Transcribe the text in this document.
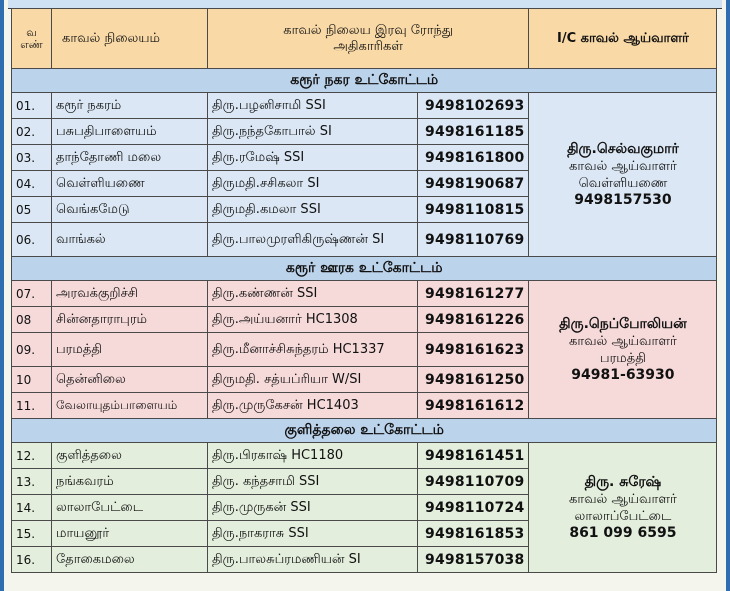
வ எண்	காவல் நிலையம்	காவல் நிலைய இரவு ரோந்து அதிகாரிகள்		I/C காவல் ஆய்வாளர்
கரூர் நகர உட்கோட்டம்				
01.	கரூர் நகரம்	திரு.பழனிசாமி SSI	9498102693	திரு.செல்வகுமார்
காவல் ஆய்வாளர்
வெள்ளியணை
9498157530

02.	பசுபதிபாளையம்	திரு.நந்தகோபால் SI	9498161185	
03.	தாந்தோணி மலை	திரு.ரமேஷ் SSI	9498161800	
04.	வெள்ளியணை	திருமதி.சசிகலா SI	9498190687	
05	வெங்கமேடு	திருமதி.கமலா SSI	9498110815	
06.	வாங்கல்	திரு.பாலமுரளிகிருஷ்ணன் SI	9498110769	
கரூர் ஊரக உட்கோட்டம்				
07.	அரவக்குறிச்சி	திரு.கண்ணன் SSI	9498161277	திரு.நெப்போலியன்
காவல் ஆய்வாளர்
பரமத்தி
94981-63930

08	சின்னதாராபுரம்	திரு.அய்யனார் HC1308	9498161226	
09.	பரமத்தி	திரு.மீனாச்சிசுந்தரம் HC1337	9498161623	
10	தென்னிலை	திருமதி. சத்யப்ரியா W/SI	9498161250	
11.	வேலாயுதம்பாளையம்	திரு.முருகேசன் HC1403	9498161612	
குளித்தலை உட்கோட்டம்				
12.	குளித்தலை	திரு.பிரகாஷ் HC1180	9498161451	திரு. சுரேஷ்
காவல் ஆய்வாளர்
லாலாப்பேட்டை
861 099 6595

13.	நங்கவரம்	திரு. கந்தசாமி SSI	9498110709	
14.	லாலாபேட்டை	திரு.முருகன் SSI	9498110724	
15.	மாயனூர்	திரு.நாகராசு SSI	9498161853	
16.	தோகைமலை	திரு.பாலசுப்ரமணியன் SI	9498157038	
